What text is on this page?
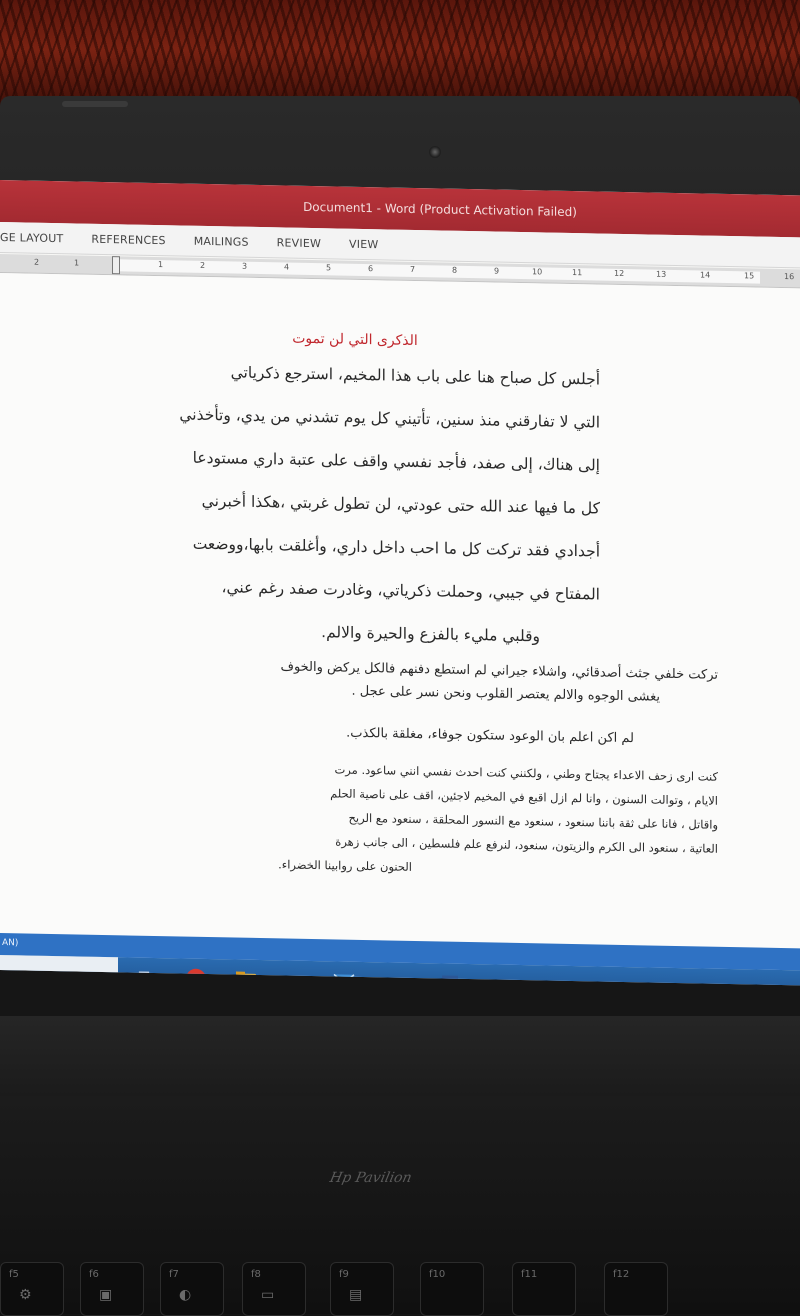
Document1 - Word (Product Activation Failed)
GE LAYOUT	REFERENCES	MAILINGS	REVIEW	VIEW
2	1	1	2	3	4	5	6	7	8	9	10	11	12	13	14	15	16
الذكرى التي لن تموت
أجلس كل صباح هنا على باب هذا المخيم، استرجع ذكرياتي
التي لا تفارقني منذ سنين، تأتيني كل يوم تشدني من يدي، وتأخذني
إلى هناك، إلى صفد، فأجد نفسي واقف على عتبة داري مستودعا
كل ما فيها عند الله حتى عودتي، لن تطول غربتي ،هكذا أخبرني
أجدادي فقد تركت كل ما احب داخل داري، وأغلقت بابها،ووضعت
المفتاح في جيبي، وحملت ذكرياتي، وغادرت صفد رغم عني،
وقلبي مليء بالفزع والحيرة والالم.
تركت خلفي جثث أصدقائي، واشلاء جيراني لم استطع دفنهم فالكل يركض والخوف
يغشى الوجوه والالم يعتصر القلوب ونحن نسر على عجل .
لم اكن اعلم بان الوعود ستكون جوفاء، مغلقة بالكذب.
كنت ارى زحف الاعداء يجتاح وطني ، ولكنني كنت احدث نفسي انني ساعود. مرت
الايام ، وتوالت السنون ، وانا لم ازل اقبع في المخيم لاجئين، اقف على ناصية الحلم
واقاتل ، فانا على ثقة باننا سنعود ، سنعود مع النسور المحلقة ، سنعود مع الريح
العاتية ، سنعود الى الكرم والزيتون، سنعود، لنرفع علم فلسطين ، الى جانب زهرة
الحنون على روابينا الخضراء.
AN)
Hp Pavilion
f5
⚙
f6
▣
f7
◐
f8
▭
f9
▤
f10	f11	f12
